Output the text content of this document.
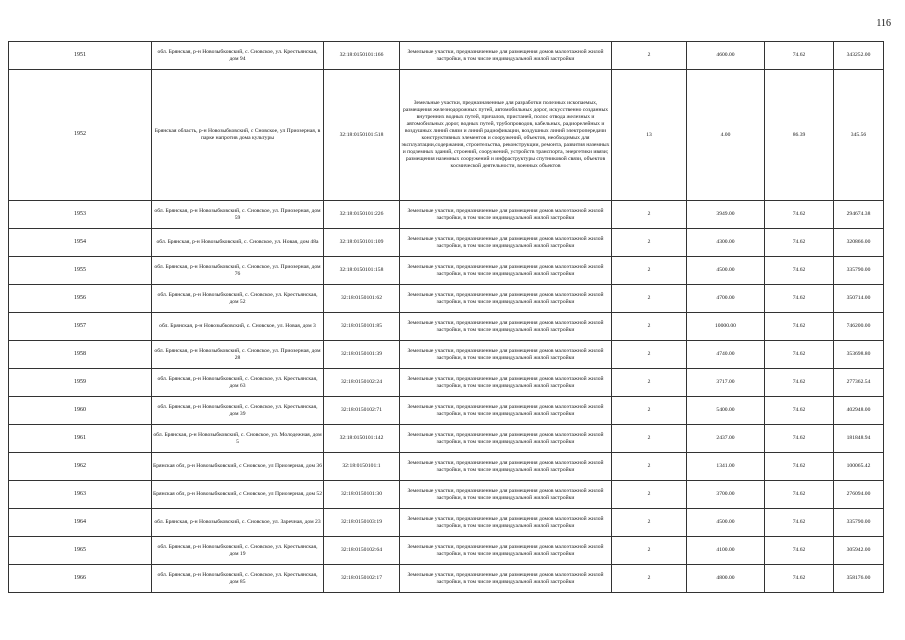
116
1951	обл. Брянская, р-н Новозыбковский, с. Сновское, ул. Крестьянская, дом 94	32:18:0150101:166	Земельные участки, предназначенные для размещения домов малоэтажной жилой застройки, в том числе индивидуальной жилой застройки	2	4600.00	74.62	343252.00
1952	Брянская область, р-н Новозыбковский, с Сновское, ул Приозерная, в парке напротив дома культуры	32:18:0150101:518	Земельные участки, предназначенные для разработки полезных ископаемых, размещения железнодорожных путей, автомобильных дорог, искусственно созданных внутренних водных путей, причалов, пристаней, полос отвода железных и автомобильных дорог, водных путей, трубопроводов, кабельных, радиорелейных и воздушных линий связи и линий радиофикации, воздушных линий электропередачи конструктивных элементов и сооружений, объектов, необходимых для эксплуатации,содержания, строительства, реконструкции, ремонта, развития наземных и подземных зданий, строений, сооружений, устройств транспорта, энергетики ивязи; размещения наземных сооружений и инфраструктуры спутниковой связи, объектов космической деятельности, военных объектов	13	4.00	86.39	345.56
1953	обл. Брянская, р-н Новозыбковский, с. Сновское, ул. Приозерная, дом 59	32:18:0150101:226	Земельные участки, предназначенные для размещения домов малоэтажной жилой застройки, в том числе индивидуальной жилой застройки	2	3949.00	74.62	294674.38
1954	обл. Брянская, р-н Новозыбковский, с. Сновское, ул. Новая, дом 48а	32:18:0150101:109	Земельные участки, предназначенные для размещения домов малоэтажной жилой застройки, в том числе индивидуальной жилой застройки	2	4300.00	74.62	320866.00
1955	обл. Брянская, р-н Новозыбковский, с. Сновское, ул. Приозерная, дом 76	32:18:0150101:158	Земельные участки, предназначенные для размещения домов малоэтажной жилой застройки, в том числе индивидуальной жилой застройки	2	4500.00	74.62	335790.00
1956	обл. Брянская, р-н Новозыбковский, с. Сновское, ул. Крестьянская, дом 52	32:18:0150101:62	Земельные участки, предназначенные для размещения домов малоэтажной жилой застройки, в том числе индивидуальной жилой застройки	2	4700.00	74.62	350714.00
1957	обл. Брянская, р-н Новозыбковский, с. Сновское, ул. Новая, дом 3	32:18:0150101:85	Земельные участки, предназначенные для размещения домов малоэтажной жилой застройки, в том числе индивидуальной жилой застройки	2	10000.00	74.62	746200.00
1958	обл. Брянская, р-н Новозыбковский, с. Сновское, ул. Приозерная, дом 28	32:18:0150101:39	Земельные участки, предназначенные для размещения домов малоэтажной жилой застройки, в том числе индивидуальной жилой застройки	2	4740.00	74.62	353698.80
1959	обл. Брянская, р-н Новозыбковский, с. Сновское, ул. Крестьянская, дом 63	32:18:0150102:24	Земельные участки, предназначенные для размещения домов малоэтажной жилой застройки, в том числе индивидуальной жилой застройки	2	3717.00	74.62	277362.54
1960	обл. Брянская, р-н Новозыбковский, с. Сновское, ул. Крестьянская, дом 39	32:18:0150102:71	Земельные участки, предназначенные для размещения домов малоэтажной жилой застройки, в том числе индивидуальной жилой застройки	2	5400.00	74.62	402948.00
1961	обл. Брянская, р-н Новозыбковский, с. Сновское, ул. Молодежная, дом 5	32:18:0150101:142	Земельные участки, предназначенные для размещения домов малоэтажной жилой застройки, в том числе индивидуальной жилой застройки	2	2437.00	74.62	181848.94
1962	Брянская обл, р-н Новозыбковский, с Сновское, ул Приозерная, дом 36	32:18:0150101:1	Земельные участки, предназначенные для размещения домов малоэтажной жилой застройки, в том числе индивидуальной жилой застройки	2	1341.00	74.62	100065.42
1963	Брянская обл, р-н Новозыбковский, с Сновское, ул Приозерная, дом 52	32:18:0150101:30	Земельные участки, предназначенные для размещения домов малоэтажной жилой застройки, в том числе индивидуальной жилой застройки	2	3700.00	74.62	276094.00
1964	обл. Брянская, р-н Новозыбковский, с. Сновское, ул. Заречная, дом 23	32:18:0150103:19	Земельные участки, предназначенные для размещения домов малоэтажной жилой застройки, в том числе индивидуальной жилой застройки	2	4500.00	74.62	335790.00
1965	обл. Брянская, р-н Новозыбковский, с. Сновское, ул. Крестьянская, дом 19	32:18:0150102:64	Земельные участки, предназначенные для размещения домов малоэтажной жилой застройки, в том числе индивидуальной жилой застройки	2	4100.00	74.62	305942.00
1966	обл. Брянская, р-н Новозыбковский, с. Сновское, ул. Крестьянская, дом 85	32:18:0150102:17	Земельные участки, предназначенные для размещения домов малоэтажной жилой застройки, в том числе индивидуальной жилой застройки	2	4800.00	74.62	358176.00
